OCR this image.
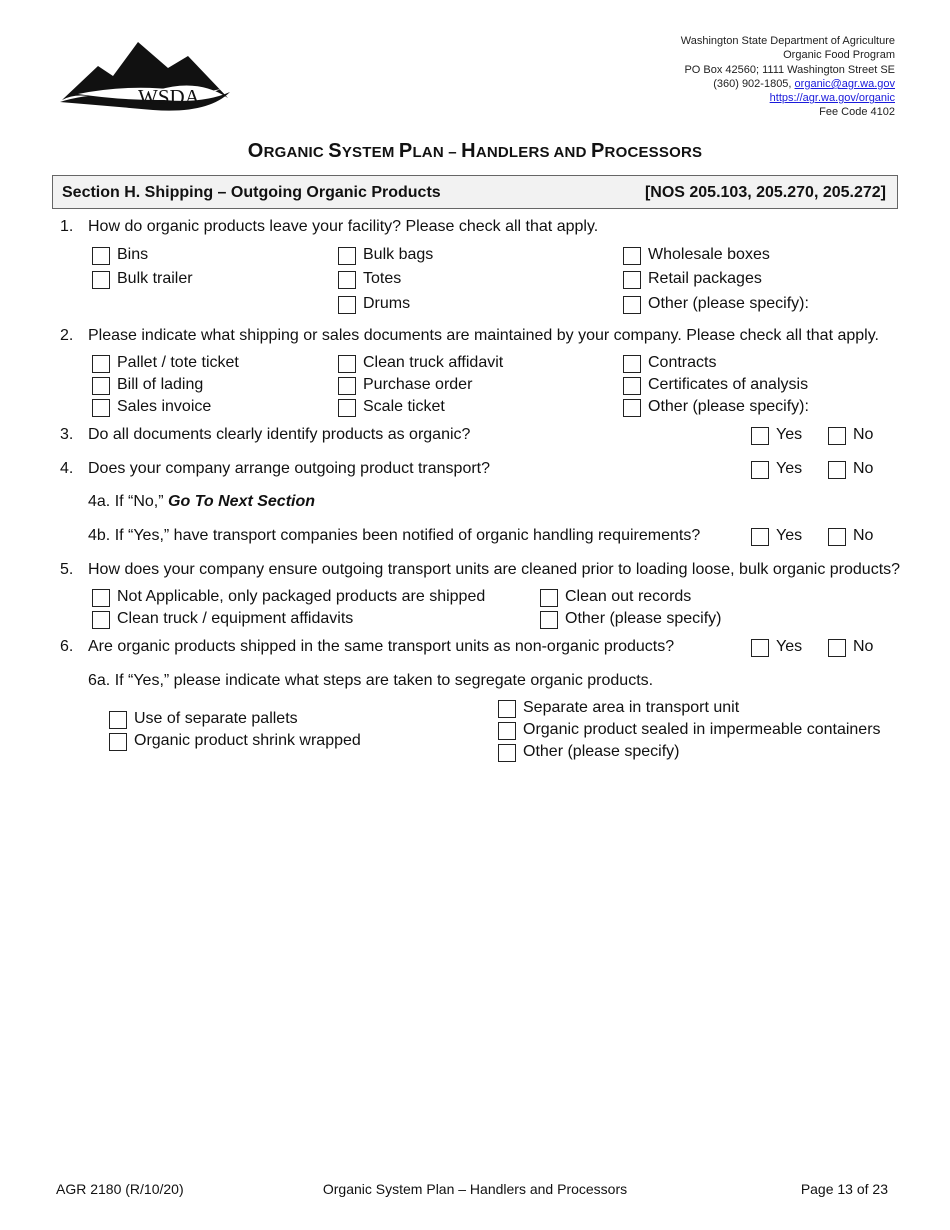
WSDA
Washington State Department of Agriculture
Organic Food Program
PO Box 42560; 1111 Washington Street SE
(360) 902-1805, organic@agr.wa.gov
https://agr.wa.gov/organic
Fee Code 4102
ORGANIC SYSTEM PLAN – HANDLERS AND PROCESSORS
Section H. Shipping – Outgoing Organic Products	[NOS 205.103, 205.270, 205.272]
1. How do organic products leave your facility? Please check all that apply.
Bins
Bulk trailer
Bulk bags
Totes
Drums
Wholesale boxes
Retail packages
Other (please specify):
2. Please indicate what shipping or sales documents are maintained by your company. Please check all that apply.
Pallet / tote ticket
Bill of lading
Sales invoice
Clean truck affidavit
Purchase order
Scale ticket
Contracts
Certificates of analysis
Other (please specify):
3. Do all documents clearly identify products as organic?	Yes	No
4. Does your company arrange outgoing product transport?	Yes	No
4a. If “No,” Go To Next Section
4b. If “Yes,” have transport companies been notified of organic handling requirements?	Yes	No
5. How does your company ensure outgoing transport units are cleaned prior to loading loose, bulk organic products?
Not Applicable, only packaged products are shipped
Clean truck / equipment affidavits
Clean out records
Other (please specify)
6. Are organic products shipped in the same transport units as non-organic products?	Yes	No
6a. If “Yes,” please indicate what steps are taken to segregate organic products.
Use of separate pallets
Organic product shrink wrapped
Separate area in transport unit
Organic product sealed in impermeable containers
Other (please specify)
AGR 2180 (R/10/20)	Organic System Plan – Handlers and Processors	Page 13 of 23
